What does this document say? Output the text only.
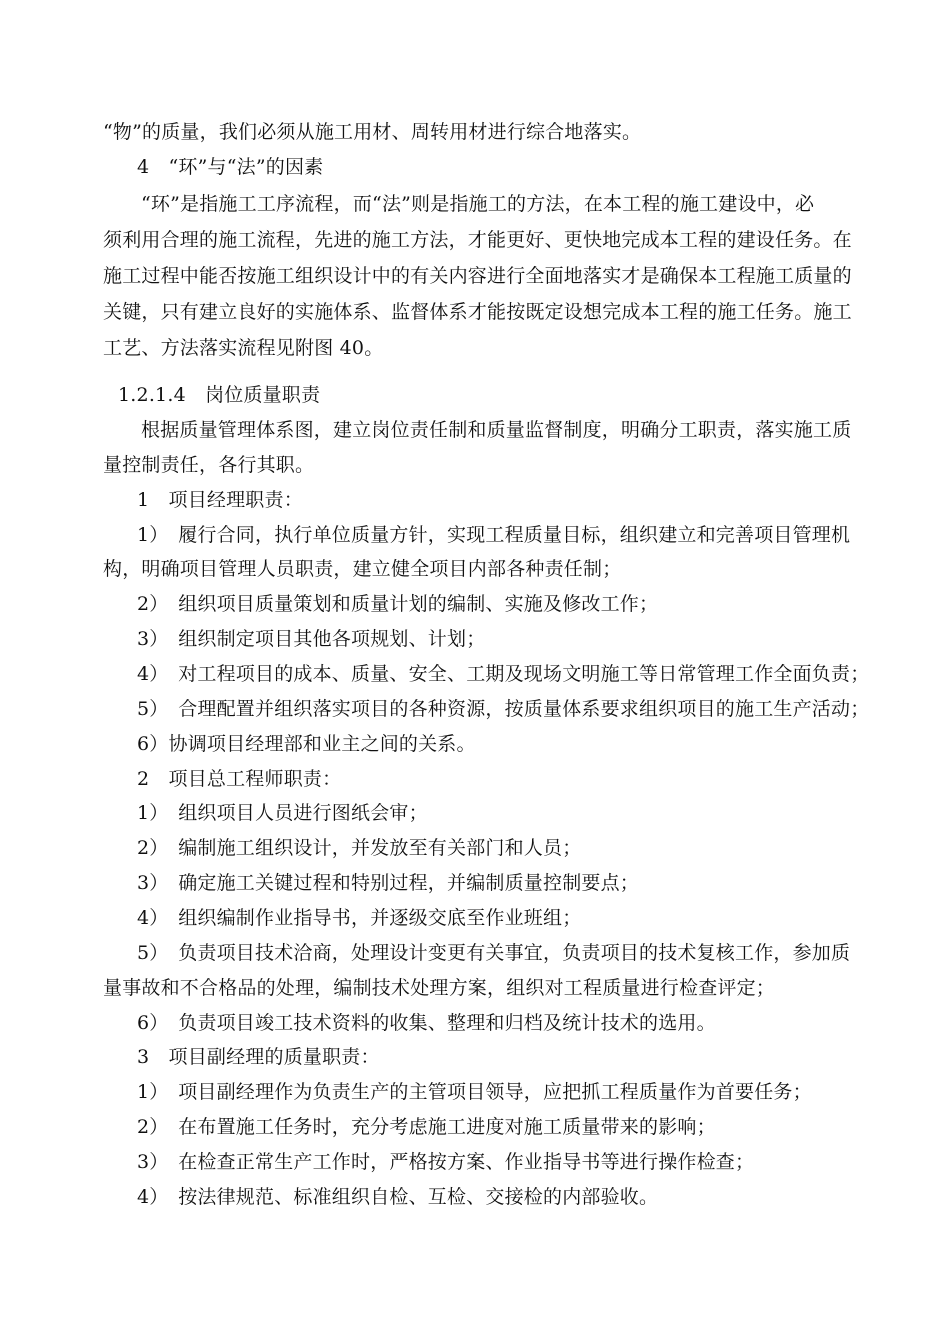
“物”的质量，我们必须从施工用材、周转用材进行综合地落实。
4　“环”与“法”的因素
“环”是指施工工序流程，而“法”则是指施工的方法，在本工程的施工建设中，必
须利用合理的施工流程，先进的施工方法，才能更好、更快地完成本工程的建设任务。在
施工过程中能否按施工组织设计中的有关内容进行全面地落实才是确保本工程施工质量的
关键，只有建立良好的实施体系、监督体系才能按既定设想完成本工程的施工任务。施工
工艺、方法落实流程见附图 40。
1.2.1.4　岗位质量职责
根据质量管理体系图，建立岗位责任制和质量监督制度，明确分工职责，落实施工质
量控制责任，各行其职。
1　项目经理职责：
1）　履行合同，执行单位质量方针，实现工程质量目标，组织建立和完善项目管理机
构，明确项目管理人员职责，建立健全项目内部各种责任制；
2）　组织项目质量策划和质量计划的编制、实施及修改工作；
3）　组织制定项目其他各项规划、计划；
4）　对工程项目的成本、质量、安全、工期及现场文明施工等日常管理工作全面负责；
5）　合理配置并组织落实项目的各种资源，按质量体系要求组织项目的施工生产活动；
6）协调项目经理部和业主之间的关系。
2　项目总工程师职责：
1）　组织项目人员进行图纸会审；
2）　编制施工组织设计，并发放至有关部门和人员；
3）　确定施工关键过程和特别过程，并编制质量控制要点；
4）　组织编制作业指导书，并逐级交底至作业班组；
5）　负责项目技术洽商，处理设计变更有关事宜，负责项目的技术复核工作，参加质
量事故和不合格品的处理，编制技术处理方案，组织对工程质量进行检查评定；
6）　负责项目竣工技术资料的收集、整理和归档及统计技术的选用。
3　项目副经理的质量职责：
1）　项目副经理作为负责生产的主管项目领导，应把抓工程质量作为首要任务；
2）　在布置施工任务时，充分考虑施工进度对施工质量带来的影响；
3）　在检查正常生产工作时，严格按方案、作业指导书等进行操作检查；
4）　按法律规范、标准组织自检、互检、交接检的内部验收。
